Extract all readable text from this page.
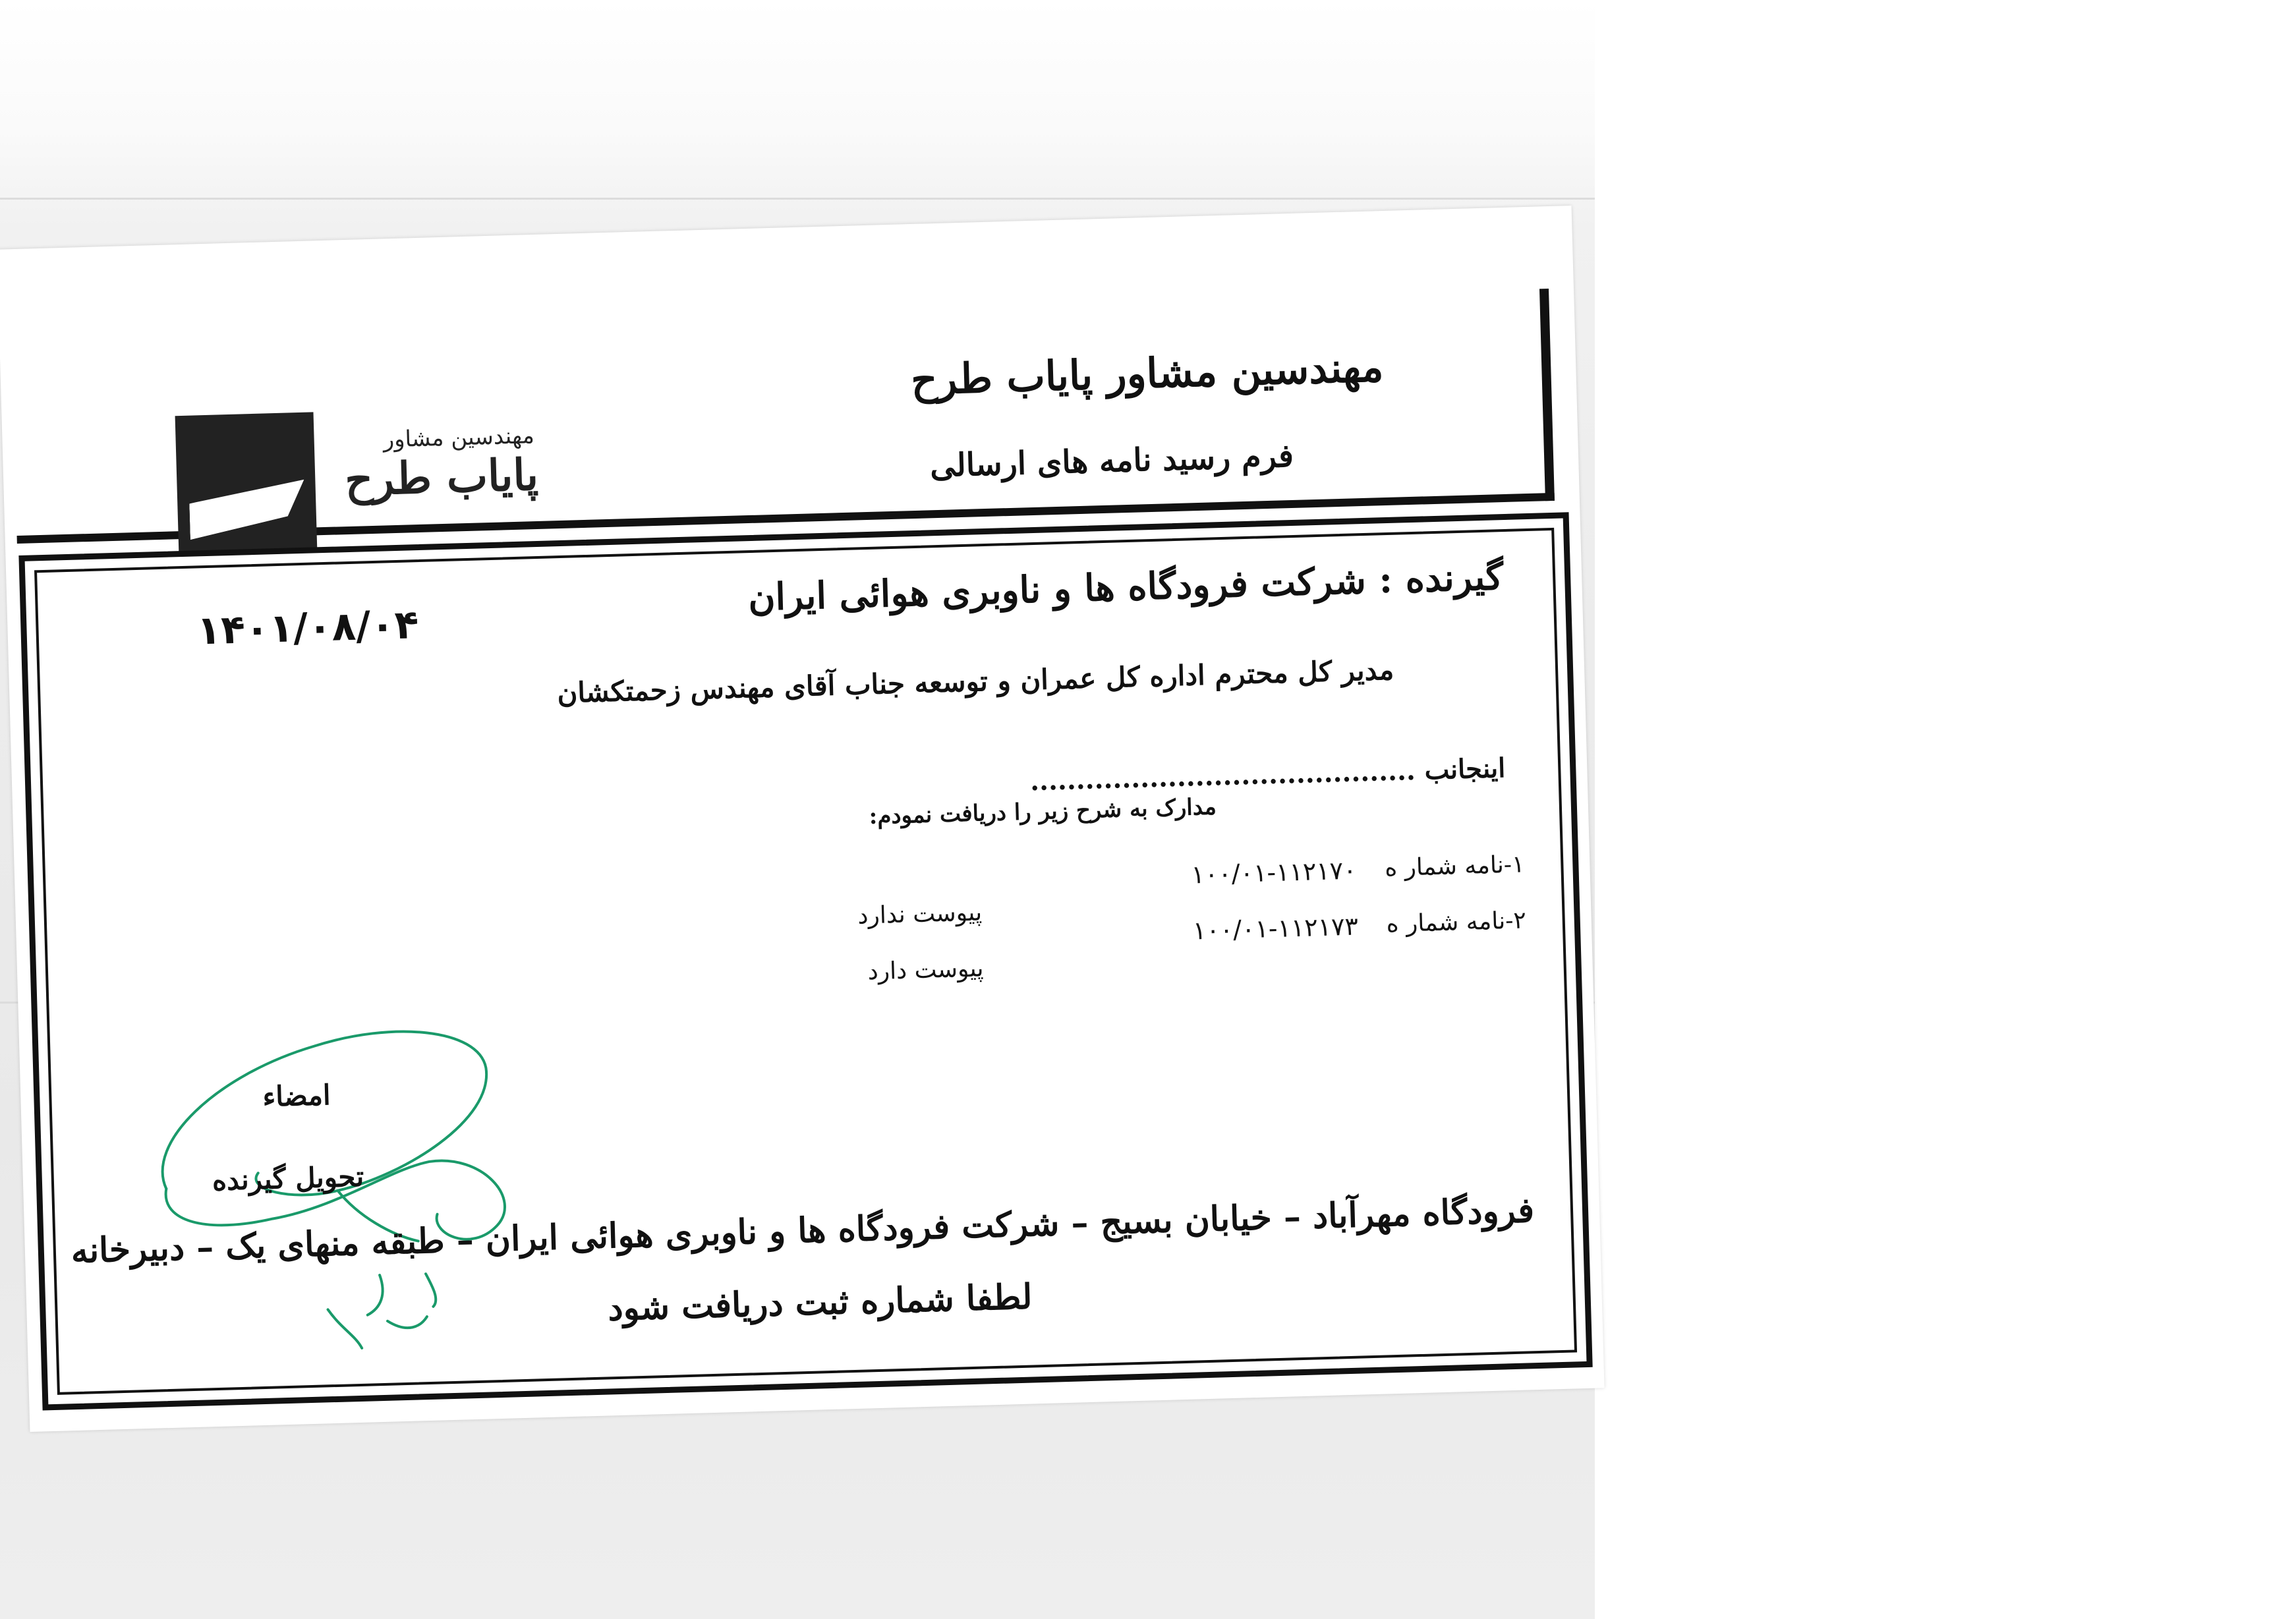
مهندسین مشاور
پایاب طرح
مهندسین مشاور پایاب طرح
فرم رسید نامه های ارسالی
گیرنده : شرکت فرودگاه ها و ناوبری هوائی ایران
۱۴۰۱/۰۸/۰۴
مدیر کل محترم اداره کل عمران و توسعه جناب آقای مهندس زحمتکشان
اینجانب ..........................................
مدارک به شرح زیر را دریافت نمودم:
۱-نامه شمار ه
۱۰۰/۰۱-۱۱۲۱۷۰
پیوست ندارد	۲-نامه شمار ه
۱۰۰/۰۱-۱۱۲۱۷۳
پیوست دارد
امضاء
تحویل گیرنده
فرودگاه مهرآباد – خیابان بسیج – شرکت فرودگاه ها و ناوبری هوائی ایران – طبقه منهای یک – دبیرخانه
لطفا شماره ثبت دریافت شود
